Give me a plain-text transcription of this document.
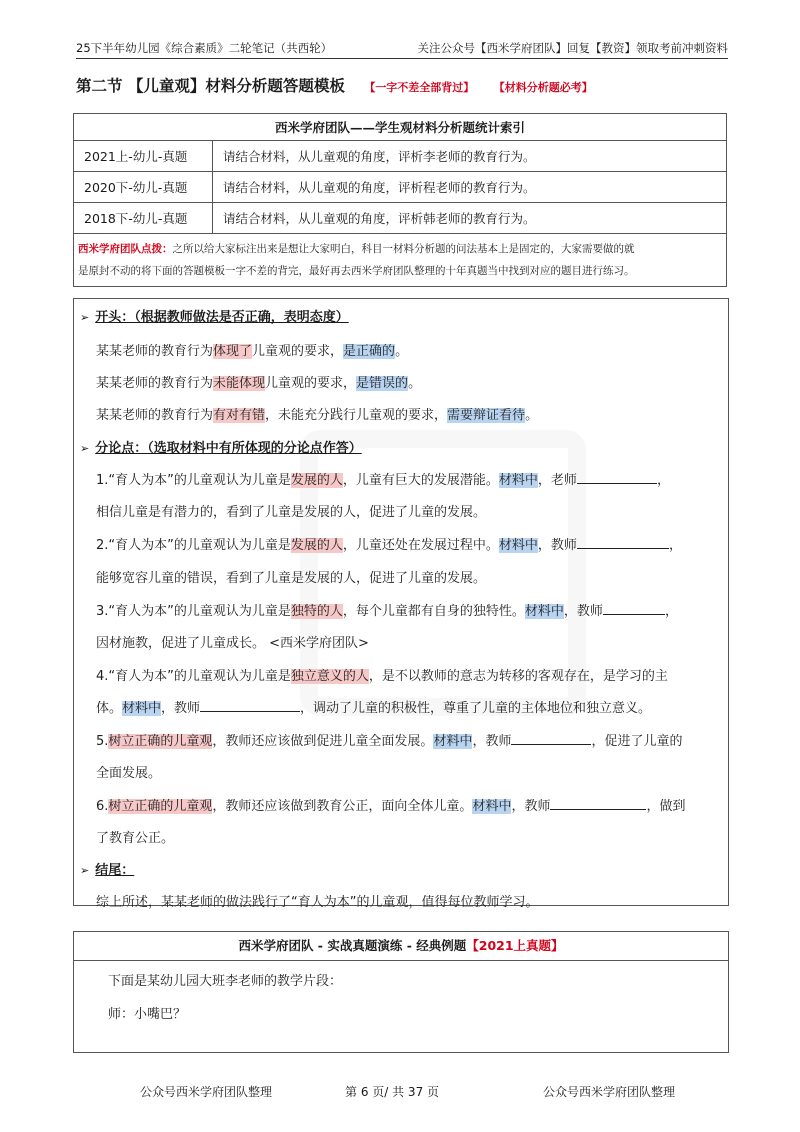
25下半年幼儿园《综合素质》二轮笔记（共西轮）	关注公众号【西米学府团队】回复【教资】领取考前冲刺资料
第二节 【儿童观】材料分析题答题模板 【一字不差全部背过】 【材料分析题必考】
西米学府团队——学生观材料分析题统计索引	
2021上-幼儿-真题	请结合材料，从儿童观的角度，评析李老师的教育行为。
2020下-幼儿-真题	请结合材料，从儿童观的角度，评析程老师的教育行为。
2018下-幼儿-真题	请结合材料，从儿童观的角度，评析韩老师的教育行为。
西米学府团队点拨：之所以给大家标注出来是想让大家明白，科目一材料分析题的问法基本上是固定的，大家需要做的就
是原封不动的将下面的答题模板一字不差的背完，最好再去西米学府团队整理的十年真题当中找到对应的题目进行练习。	
➢ 开头：（根据教师做法是否正确，表明态度）
某某老师的教育行为体现了儿童观的要求，是正确的。
某某老师的教育行为未能体现儿童观的要求，是错误的。
某某老师的教育行为有对有错，未能充分践行儿童观的要求，需要辩证看待。
➢ 分论点：（选取材料中有所体现的分论点作答）
1.“育人为本”的儿童观认为儿童是发展的人，儿童有巨大的发展潜能。材料中，老师	，
相信儿童是有潜力的，看到了儿童是发展的人，促进了儿童的发展。
2.“育人为本”的儿童观认为儿童是发展的人，儿童还处在发展过程中。材料中，教师	，
能够宽容儿童的错误，看到了儿童是发展的人，促进了儿童的发展。
3.“育人为本”的儿童观认为儿童是独特的人，每个儿童都有自身的独特性。材料中，教师	，
因材施教，促进了儿童成长。 <西米学府团队>
4.“育人为本”的儿童观认为儿童是独立意义的人，是不以教师的意志为转移的客观存在，是学习的主
体。材料中，教师	，调动了儿童的积极性，尊重了儿童的主体地位和独立意义。
5.树立正确的儿童观，教师还应该做到促进儿童全面发展。材料中，教师	，促进了儿童的
全面发展。
6.树立正确的儿童观，教师还应该做到教育公正，面向全体儿童。材料中，教师	，做到
了教育公正。
➢ 结尾：
综上所述，某某老师的做法践行了“育人为本”的儿童观，值得每位教师学习。
西米学府团队 - 实战真题演练 - 经典例题【2021上真题】
下面是某幼儿园大班李老师的教学片段：
师：小嘴巴？
公众号西米学府团队整理	第 6 页/ 共 37 页	公众号西米学府团队整理
